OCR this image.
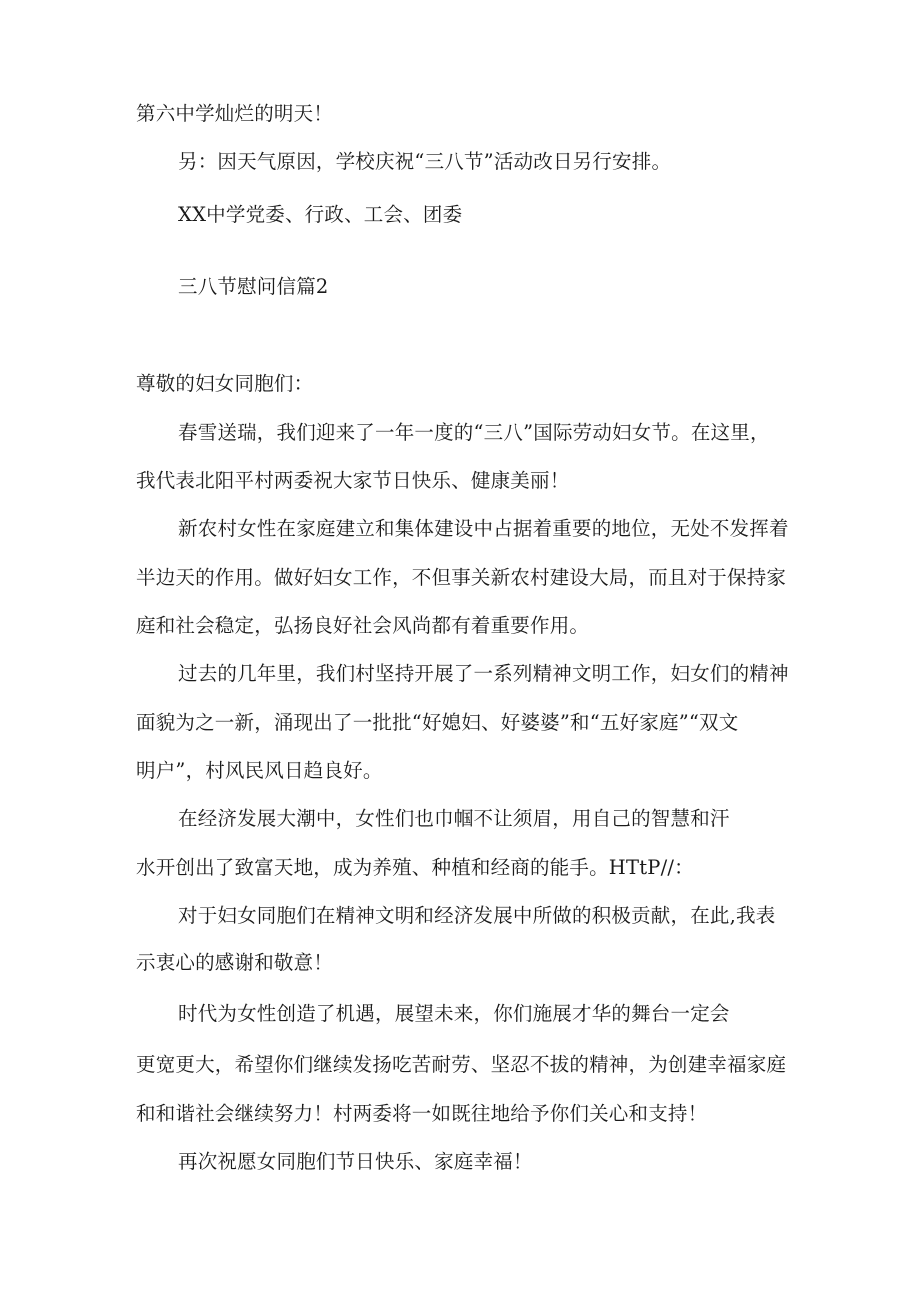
第六中学灿烂的明天！

另：因天气原因，学校庆祝“三八节”活动改日另行安排。

XX中学党委、行政、工会、团委

三八节慰问信篇2

尊敬的妇女同胞们：

春雪送瑞，我们迎来了一年一度的“三八”国际劳动妇女节。在这里，

我代表北阳平村两委祝大家节日快乐、健康美丽！

新农村女性在家庭建立和集体建设中占据着重要的地位，无处不发挥着

半边天的作用。做好妇女工作，不但事关新农村建设大局，而且对于保持家

庭和社会稳定，弘扬良好社会风尚都有着重要作用。

过去的几年里，我们村坚持开展了一系列精神文明工作，妇女们的精神

面貌为之一新，涌现出了一批批“好媳妇、好婆婆”和“五好家庭”“双文

明户”，村风民风日趋良好。

在经济发展大潮中，女性们也巾帼不让须眉，用自己的智慧和汗

水开创出了致富天地，成为养殖、种植和经商的能手。HTtP//：

对于妇女同胞们在精神文明和经济发展中所做的积极贡献，在此,我表

示衷心的感谢和敬意！

时代为女性创造了机遇，展望未来，你们施展才华的舞台一定会

更宽更大，希望你们继续发扬吃苦耐劳、坚忍不拔的精神，为创建幸福家庭

和和谐社会继续努力！村两委将一如既往地给予你们关心和支持！

再次祝愿女同胞们节日快乐、家庭幸福！
